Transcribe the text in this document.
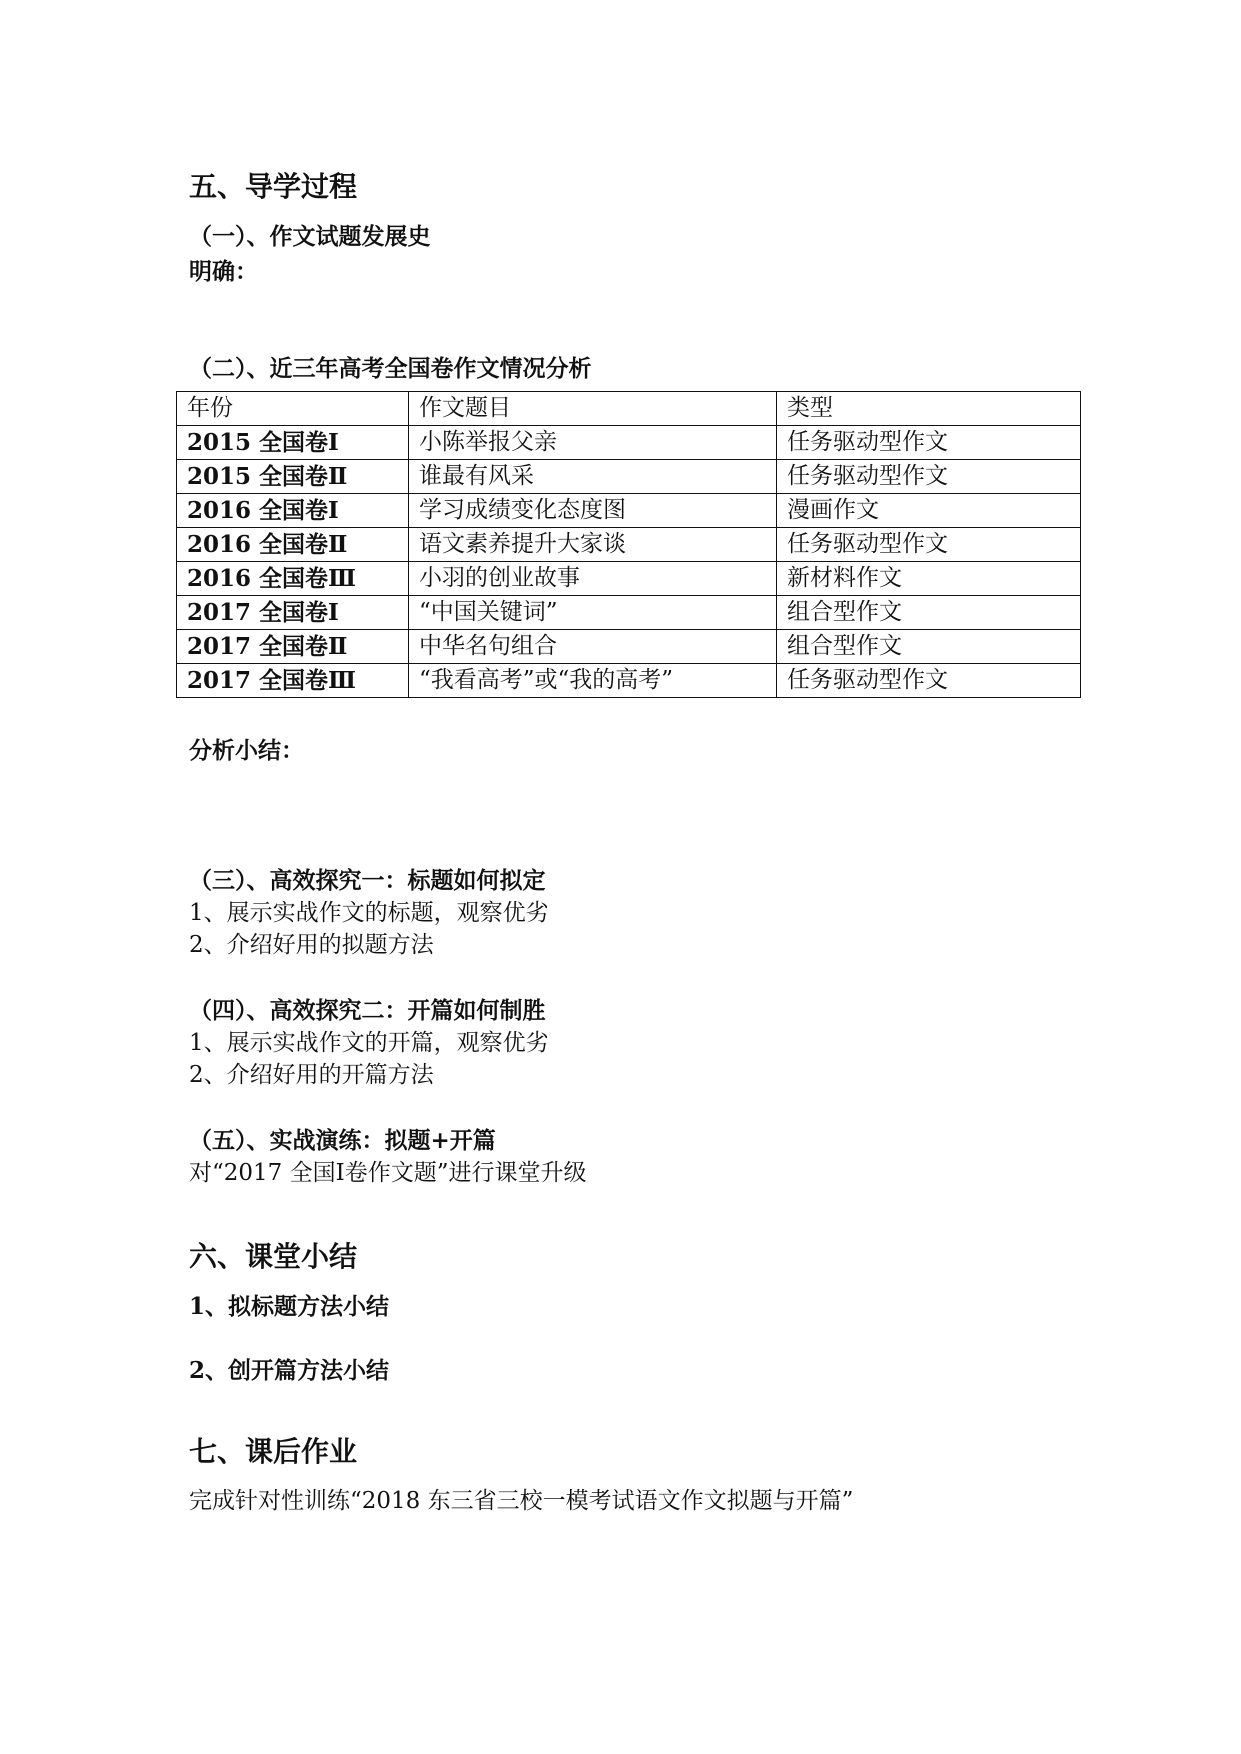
五、导学过程
（一）、作文试题发展史
明确：
（二）、近三年高考全国卷作文情况分析
年份	作文题目	类型
2015 全国卷Ⅰ	小陈举报父亲	任务驱动型作文
2015 全国卷Ⅱ	谁最有风采	任务驱动型作文
2016 全国卷Ⅰ	学习成绩变化态度图	漫画作文
2016 全国卷Ⅱ	语文素养提升大家谈	任务驱动型作文
2016 全国卷Ⅲ	小羽的创业故事	新材料作文
2017 全国卷Ⅰ	“中国关键词”	组合型作文
2017 全国卷Ⅱ	中华名句组合	组合型作文
2017 全国卷Ⅲ	“我看高考”或“我的高考”	任务驱动型作文
分析小结：
（三）、高效探究一：标题如何拟定
1、展示实战作文的标题，观察优劣
2、介绍好用的拟题方法
（四）、高效探究二：开篇如何制胜
1、展示实战作文的开篇，观察优劣
2、介绍好用的开篇方法
（五）、实战演练：拟题+开篇
对“2017 全国Ⅰ卷作文题”进行课堂升级
六、课堂小结
1、拟标题方法小结
2、创开篇方法小结
七、课后作业
完成针对性训练“2018 东三省三校一模考试语文作文拟题与开篇”
